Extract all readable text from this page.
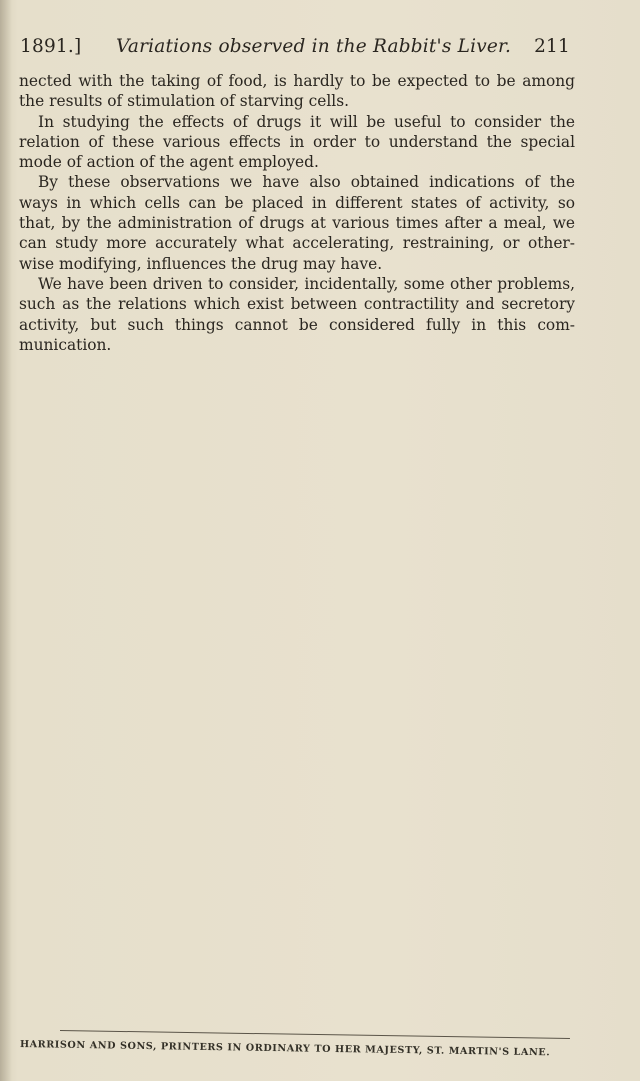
1891.] Variations observed in the Rabbit's Liver. 211
nected with the taking of food, is hardly to be expected to be among
the results of stimulation of starving cells.
In studying the effects of drugs it will be useful to consider the
relation of these various effects in order to understand the special
mode of action of the agent employed.
By these observations we have also obtained indications of the
ways in which cells can be placed in different states of activity, so
that, by the administration of drugs at various times after a meal, we
can study more accurately what accelerating, restraining, or other-
wise modifying, influences the drug may have.
We have been driven to consider, incidentally, some other problems,
such as the relations which exist between contractility and secretory
activity, but such things cannot be considered fully in this com-
munication.
HARRISON AND SONS, PRINTERS IN ORDINARY TO HER MAJESTY, ST. MARTIN'S LANE.
